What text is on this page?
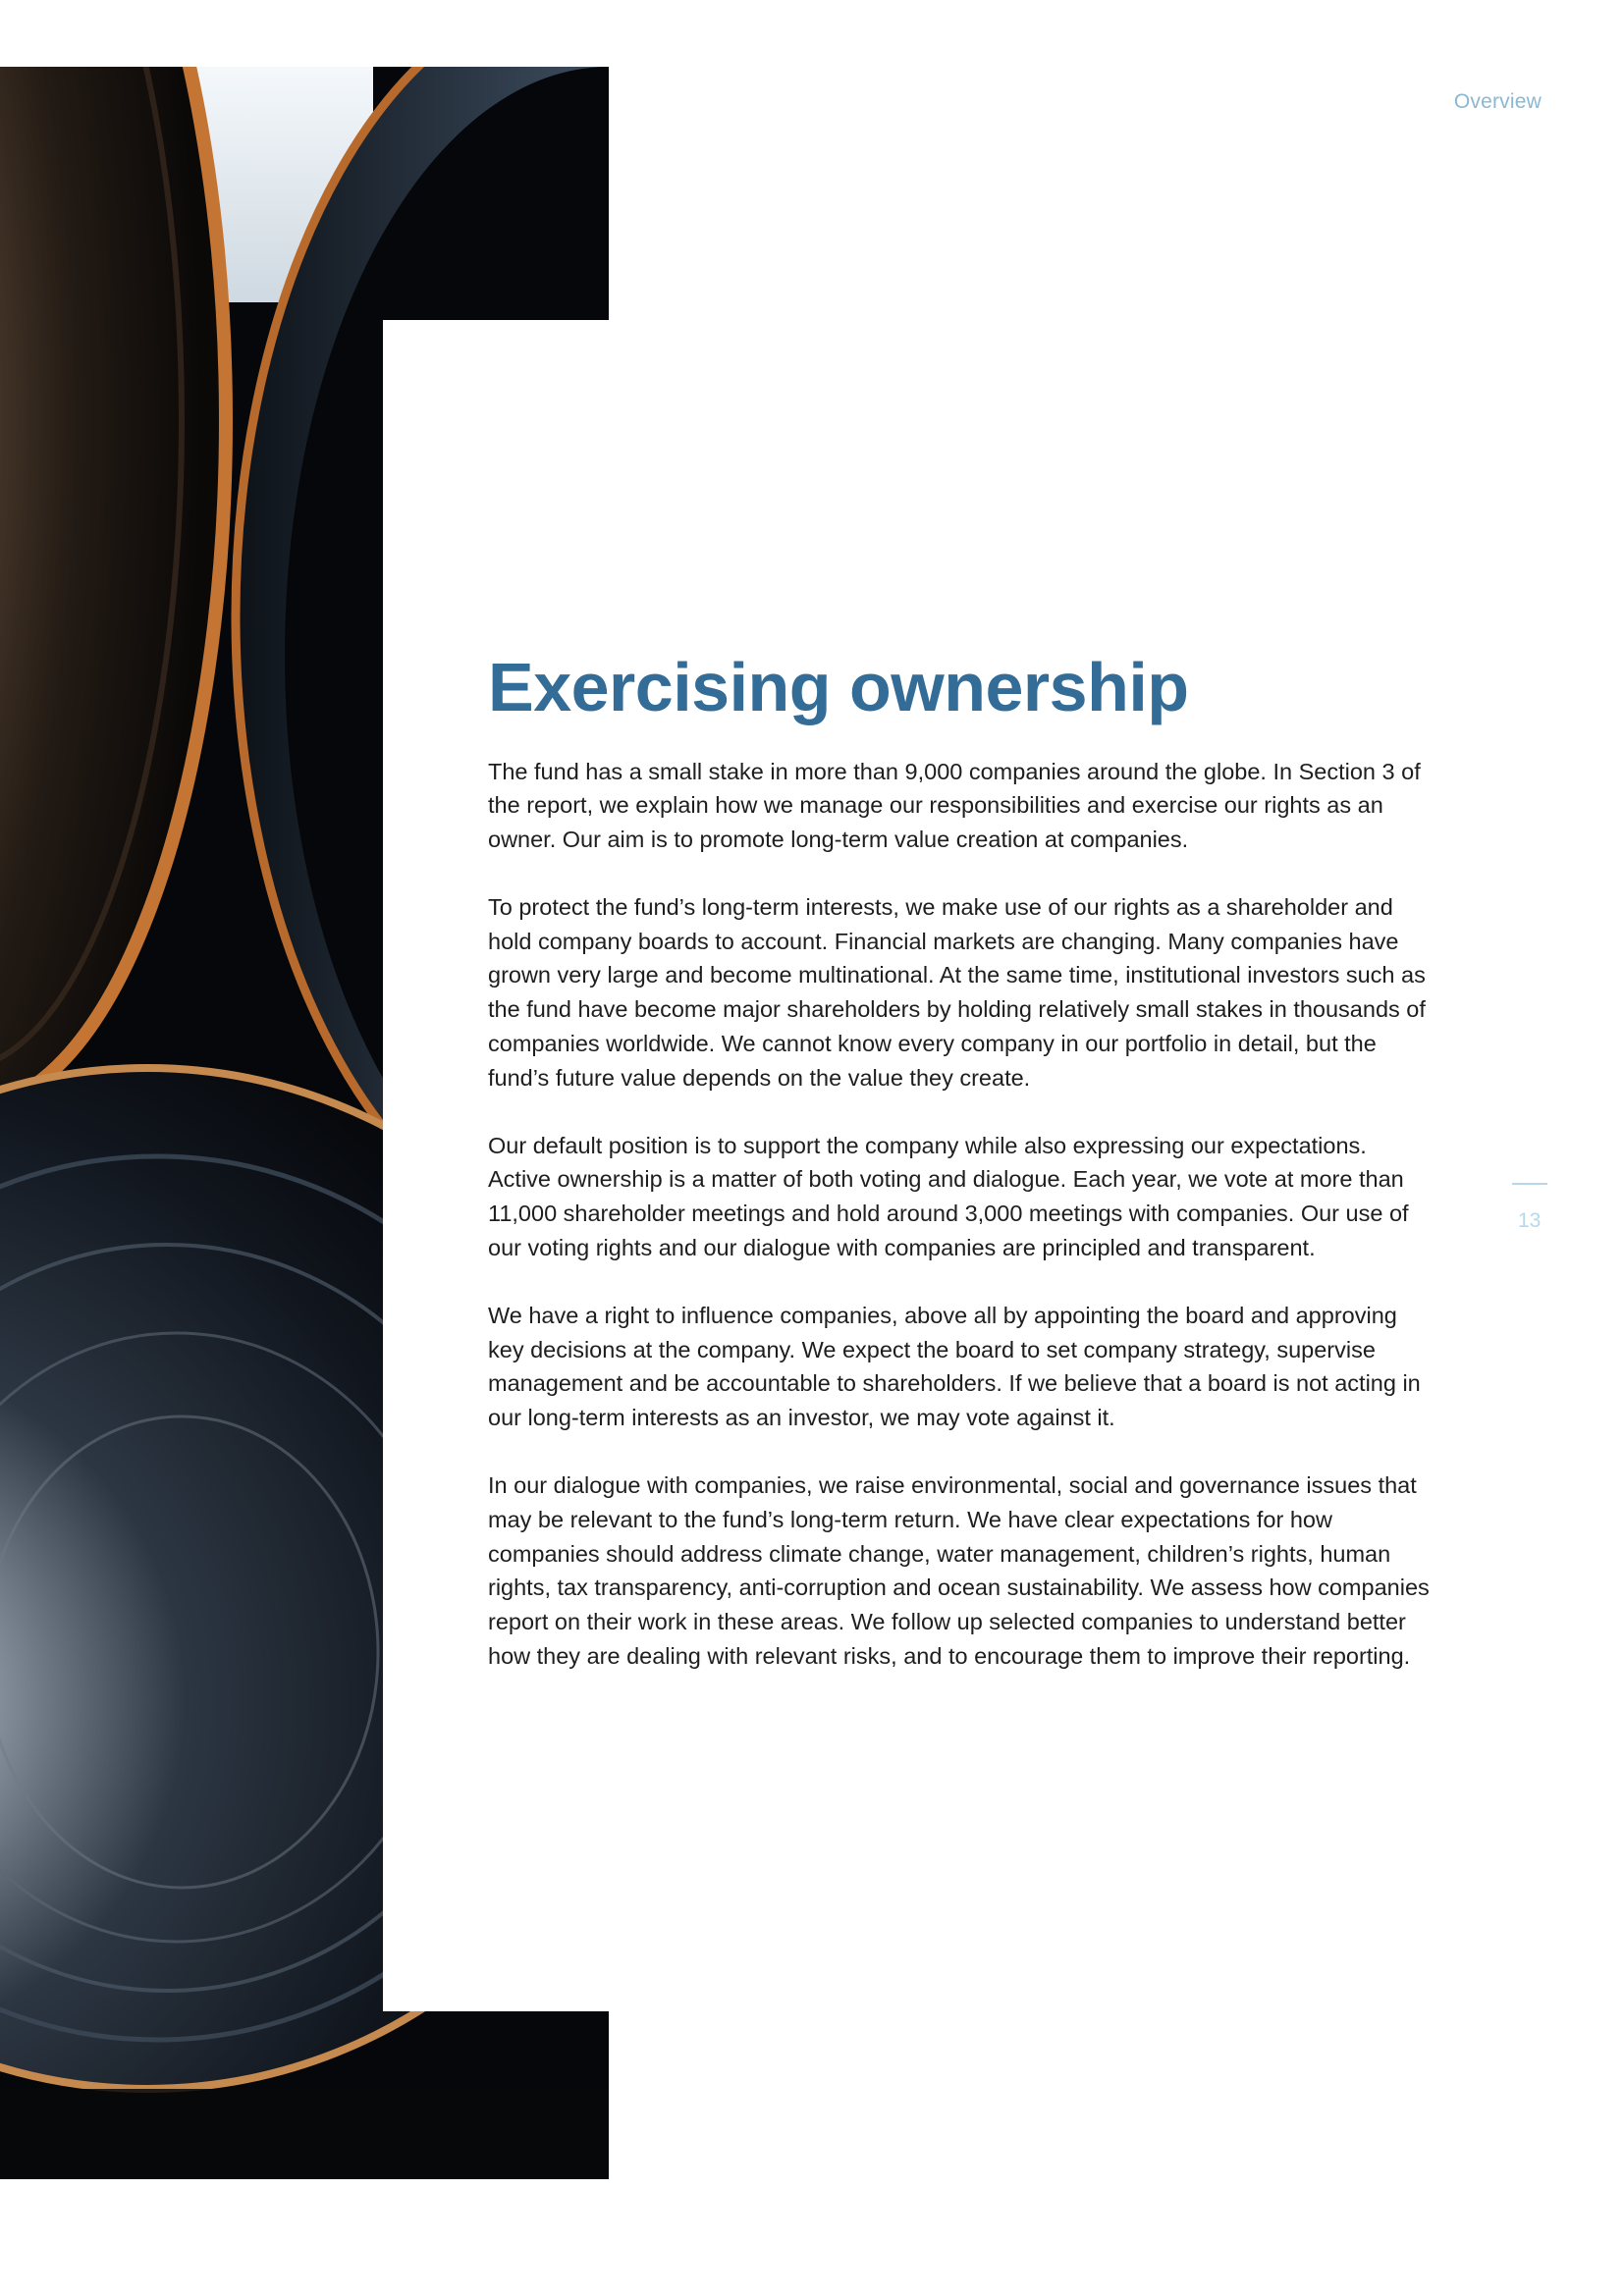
Overview
13
Exercising ownership

The fund has a small stake in more than 9,000 companies around the globe. In Section 3 of the report, we explain how we manage our responsibilities and exercise our rights as an owner. Our aim is to promote long-term value creation at companies.

To protect the fund’s long-term interests, we make use of our rights as a shareholder and hold company boards to account. Financial markets are changing. Many companies have grown very large and become multinational. At the same time, institutional investors such as the fund have become major shareholders by holding relatively small stakes in thousands of companies worldwide. We cannot know every company in our portfolio in detail, but the fund’s future value depends on the value they create.

Our default position is to support the company while also expressing our expectations. Active ownership is a matter of both voting and dialogue. Each year, we vote at more than 11,000 shareholder meetings and hold around 3,000 meetings with companies. Our use of our voting rights and our dialogue with companies are principled and transparent.

We have a right to influence companies, above all by appointing the board and approving key decisions at the company. We expect the board to set company strategy, supervise management and be accountable to shareholders. If we believe that a board is not acting in our long-term interests as an investor, we may vote against it.

In our dialogue with companies, we raise environmental, social and governance issues that may be relevant to the fund’s long-term return. We have clear expectations for how companies should address climate change, water management, children’s rights, human rights, tax transparency, anti-corruption and ocean sustainability. We assess how companies report on their work in these areas. We follow up selected companies to understand better how they are dealing with relevant risks, and to encourage them to improve their reporting.
